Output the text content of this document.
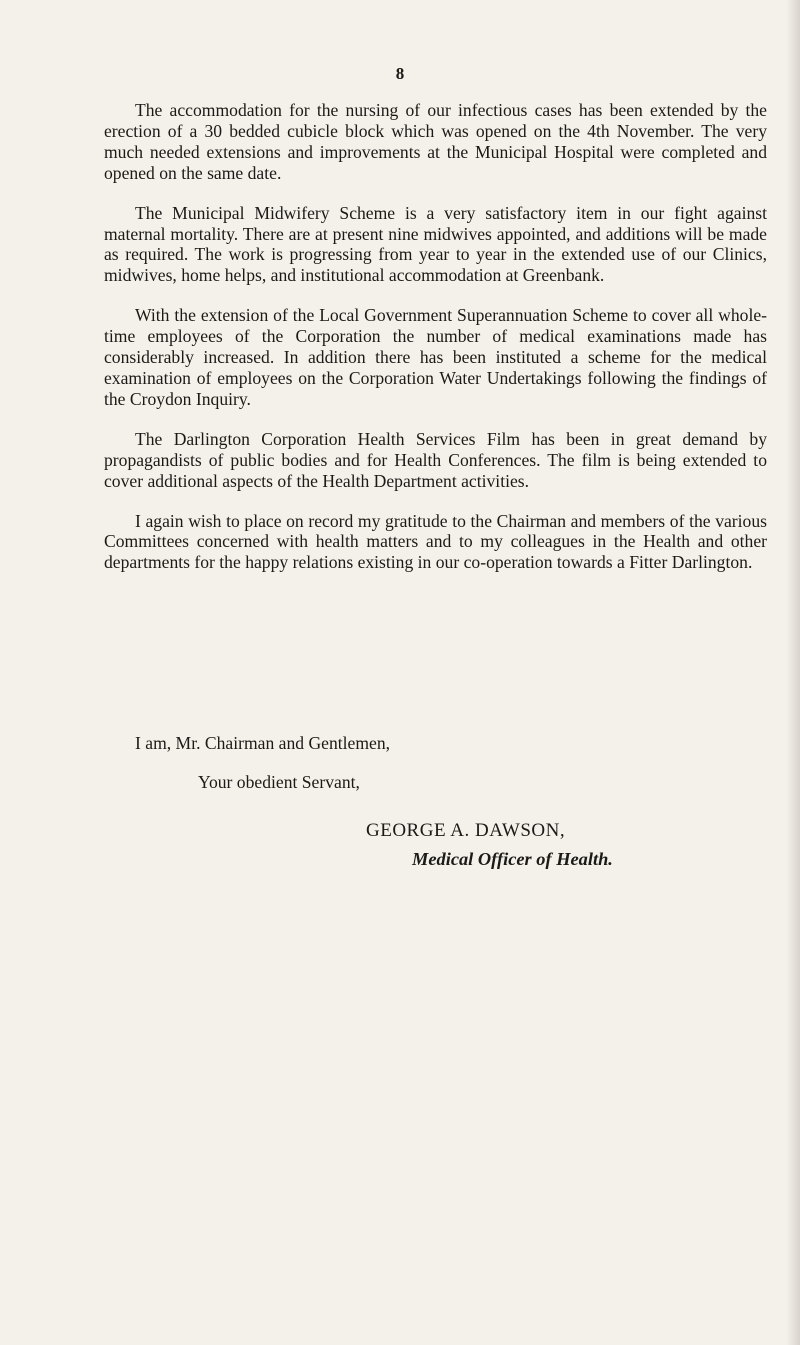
8

The accommodation for the nursing of our infectious cases has been extended by the erection of a 30 bedded cubicle block which was opened on the 4th November. The very much needed extensions and improvements at the Municipal Hospital were completed and opened on the same date.

The Municipal Midwifery Scheme is a very satisfactory item in our fight against maternal mortality. There are at present nine midwives appointed, and additions will be made as required. The work is progressing from year to year in the extended use of our Clinics, midwives, home helps, and institutional accommodation at Greenbank.

With the extension of the Local Government Superannuation Scheme to cover all whole-time employees of the Corporation the number of medical examinations made has considerably increased. In addition there has been instituted a scheme for the medical examination of employees on the Corporation Water Undertakings following the findings of the Croydon Inquiry.

The Darlington Corporation Health Services Film has been in great demand by propagandists of public bodies and for Health Conferences. The film is being extended to cover additional aspects of the Health Department activities.

I again wish to place on record my gratitude to the Chairman and members of the various Committees concerned with health matters and to my colleagues in the Health and other departments for the happy relations existing in our co-operation towards a Fitter Darlington.

I am, Mr. Chairman and Gentlemen,
Your obedient Servant,
GEORGE A. DAWSON,
Medical Officer of Health.
